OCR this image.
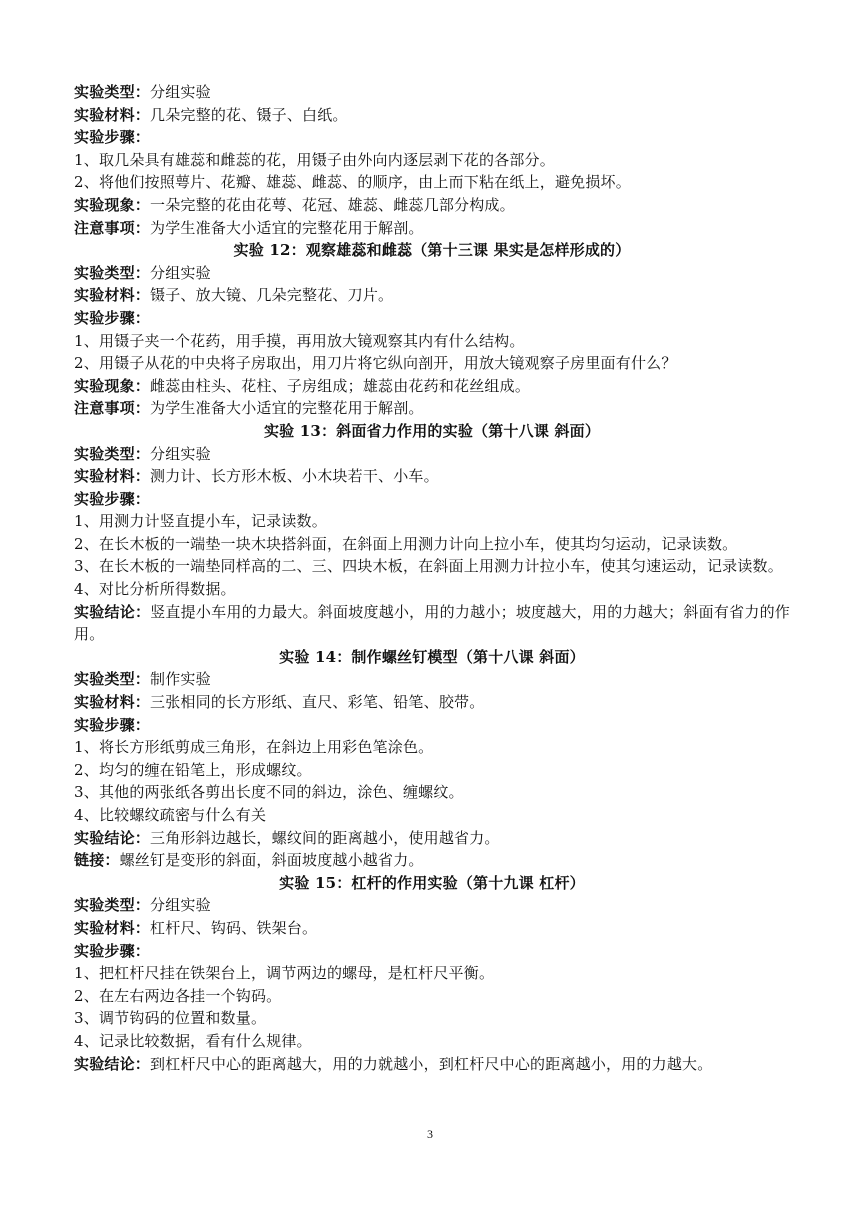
实验类型：分组实验
实验材料：几朵完整的花、镊子、白纸。
实验步骤：
1、取几朵具有雄蕊和雌蕊的花，用镊子由外向内逐层剥下花的各部分。
2、将他们按照萼片、花瓣、雄蕊、雌蕊、的顺序，由上而下粘在纸上，避免损坏。
实验现象：一朵完整的花由花萼、花冠、雄蕊、雌蕊几部分构成。
注意事项：为学生准备大小适宜的完整花用于解剖。
实验 12：观察雄蕊和雌蕊（第十三课 果实是怎样形成的）
实验类型：分组实验
实验材料：镊子、放大镜、几朵完整花、刀片。
实验步骤：
1、用镊子夹一个花药，用手摸，再用放大镜观察其内有什么结构。
2、用镊子从花的中央将子房取出，用刀片将它纵向剖开，用放大镜观察子房里面有什么？
实验现象：雌蕊由柱头、花柱、子房组成；雄蕊由花药和花丝组成。
注意事项：为学生准备大小适宜的完整花用于解剖。
实验 13：斜面省力作用的实验（第十八课 斜面）
实验类型：分组实验
实验材料：测力计、长方形木板、小木块若干、小车。
实验步骤：
1、用测力计竖直提小车，记录读数。
2、在长木板的一端垫一块木块搭斜面，在斜面上用测力计向上拉小车，使其均匀运动，记录读数。
3、在长木板的一端垫同样高的二、三、四块木板，在斜面上用测力计拉小车，使其匀速运动，记录读数。
4、对比分析所得数据。
实验结论：竖直提小车用的力最大。斜面坡度越小，用的力越小；坡度越大，用的力越大；斜面有省力的作用。
实验 14：制作螺丝钉模型（第十八课 斜面）
实验类型：制作实验
实验材料：三张相同的长方形纸、直尺、彩笔、铅笔、胶带。
实验步骤：
1、将长方形纸剪成三角形，在斜边上用彩色笔涂色。
2、均匀的缠在铅笔上，形成螺纹。
3、其他的两张纸各剪出长度不同的斜边，涂色、缠螺纹。
4、比较螺纹疏密与什么有关
实验结论：三角形斜边越长，螺纹间的距离越小，使用越省力。
链接：螺丝钉是变形的斜面，斜面坡度越小越省力。
实验 15：杠杆的作用实验（第十九课 杠杆）
实验类型：分组实验
实验材料：杠杆尺、钩码、铁架台。
实验步骤：
1、把杠杆尺挂在铁架台上，调节两边的螺母，是杠杆尺平衡。
2、在左右两边各挂一个钩码。
3、调节钩码的位置和数量。
4、记录比较数据，看有什么规律。
实验结论：到杠杆尺中心的距离越大，用的力就越小，到杠杆尺中心的距离越小，用的力越大。
3
